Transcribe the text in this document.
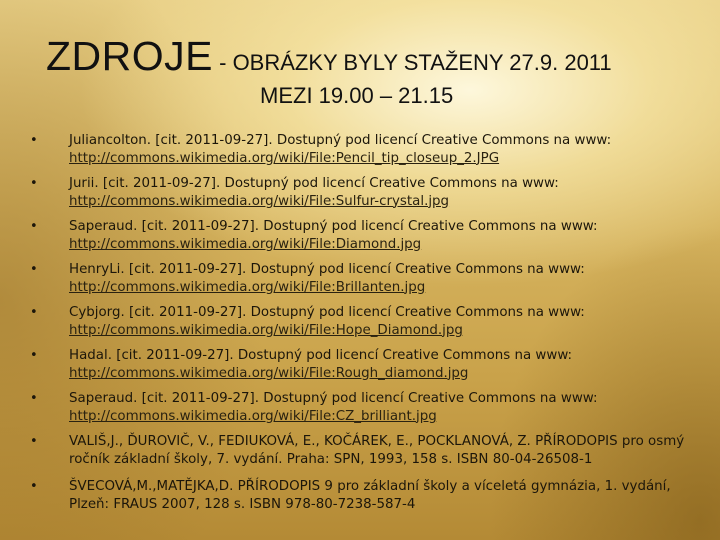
ZDROJE - OBRÁZKY BYLY STAŽENY 27.9. 2011
MEZI 19.00 – 21.15
• Juliancolton. [cit. 2011-09-27]. Dostupný pod licencí Creative Commons na www:
http://commons.wikimedia.org/wiki/File:Pencil_tip_closeup_2.JPG
• Jurii. [cit. 2011-09-27]. Dostupný pod licencí Creative Commons na www:
http://commons.wikimedia.org/wiki/File:Sulfur-crystal.jpg
• Saperaud. [cit. 2011-09-27]. Dostupný pod licencí Creative Commons na www:
http://commons.wikimedia.org/wiki/File:Diamond.jpg
• HenryLi. [cit. 2011-09-27]. Dostupný pod licencí Creative Commons na www:
http://commons.wikimedia.org/wiki/File:Brillanten.jpg
• Cybjorg. [cit. 2011-09-27]. Dostupný pod licencí Creative Commons na www:
http://commons.wikimedia.org/wiki/File:Hope_Diamond.jpg
• Hadal. [cit. 2011-09-27]. Dostupný pod licencí Creative Commons na www:
http://commons.wikimedia.org/wiki/File:Rough_diamond.jpg
• Saperaud. [cit. 2011-09-27]. Dostupný pod licencí Creative Commons na www:
http://commons.wikimedia.org/wiki/File:CZ_brilliant.jpg
• VALIŠ,J., ĎUROVIČ, V., FEDIUKOVÁ, E., KOČÁREK, E., POCKLANOVÁ, Z. PŘÍRODOPIS pro osmý ročník základní školy, 7. vydání. Praha: SPN, 1993, 158 s. ISBN 80-04-26508-1
• ŠVECOVÁ,M.,MATĚJKA,D. PŘÍRODOPIS 9 pro základní školy a víceletá gymnázia, 1. vydání, Plzeň: FRAUS 2007, 128 s. ISBN 978-80-7238-587-4
